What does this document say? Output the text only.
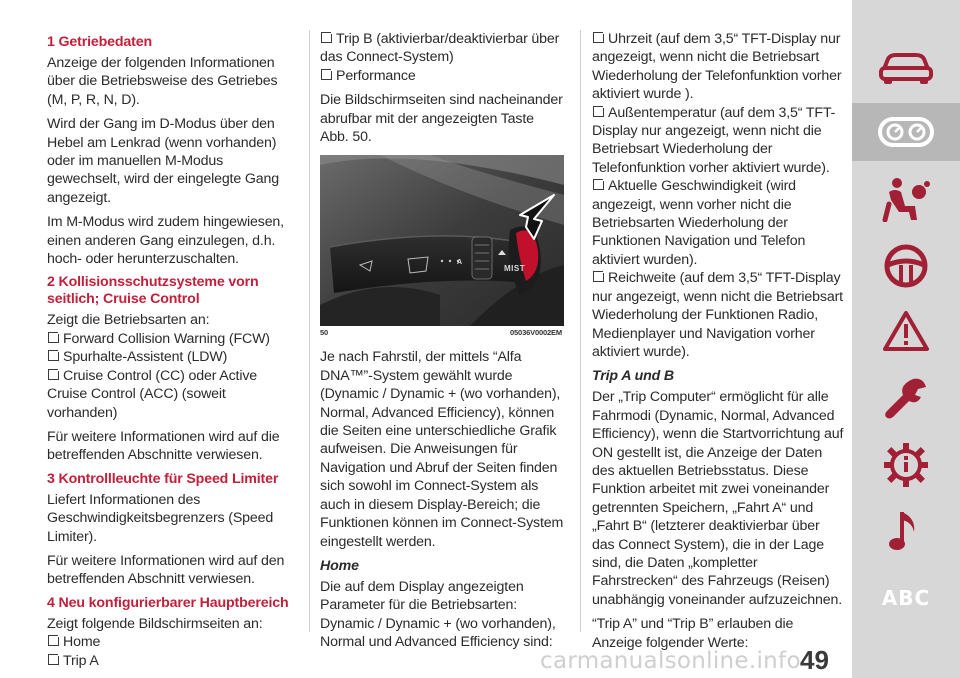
1 Getriebedaten

Anzeige der folgenden Informationen über die Betriebsweise des Getriebes (M, P, R, N, D).

Wird der Gang im D-Modus über den Hebel am Lenkrad (wenn vorhanden) oder im manuellen M-Modus gewechselt, wird der eingelegte Gang angezeigt.

Im M-Modus wird zudem hingewiesen, einen anderen Gang einzulegen, d.h. hoch- oder herunterzuschalten.

2 Kollisionsschutzsysteme vorn seitlich; Cruise Control
Zeigt die Betriebsarten an:
Forward Collision Warning (FCW)
Spurhalte-Assistent (LDW)
Cruise Control (CC) oder Active Cruise Control (ACC) (soweit vorhanden)

Für weitere Informationen wird auf die betreffenden Abschnitte verwiesen.

3 Kontrollleuchte für Speed Limiter

Liefert Informationen des Geschwindigkeitsbegrenzers (Speed Limiter).

Für weitere Informationen wird auf den betreffenden Abschnitt verwiesen.

4 Neu konfigurierbarer Hauptbereich
Zeigt folgende Bildschirmseiten an:
Home
Trip A
Trip B (aktivierbar/deaktivierbar über das Connect-System)
Performance

Die Bildschirmseiten sind nacheinander abrufbar mit der angezeigten Taste Abb. 50.

MIST
A
50	05036V0002EM

Je nach Fahrstil, der mittels “Alfa DNA™”-System gewählt wurde (Dynamic / Dynamic + (wo vorhanden), Normal, Advanced Efficiency), können die Seiten eine unterschiedliche Grafik aufweisen. Die Anweisungen für Navigation und Abruf der Seiten finden sich sowohl im Connect-System als auch in diesem Display-Bereich; die Funktionen können im Connect-System eingestellt werden.

Home

Die auf dem Display angezeigten Parameter für die Betriebsarten: Dynamic / Dynamic + (wo vorhanden), Normal und Advanced Efficiency sind:

Uhrzeit (auf dem 3,5“ TFT-Display nur angezeigt, wenn nicht die Betriebsart Wiederholung der Telefonfunktion vorher aktiviert wurde ).
Außentemperatur (auf dem 3,5“ TFT-Display nur angezeigt, wenn nicht die Betriebsart Wiederholung der Telefonfunktion vorher aktiviert wurde).
Aktuelle Geschwindigkeit (wird angezeigt, wenn vorher nicht die Betriebsarten Wiederholung der Funktionen Navigation und Telefon aktiviert wurden).
Reichweite (auf dem 3,5“ TFT-Display nur angezeigt, wenn nicht die Betriebsart Wiederholung der Funktionen Radio, Medienplayer und Navigation vorher aktiviert wurde).
Trip A und B

Der „Trip Computer“ ermöglicht für alle Fahrmodi (Dynamic, Normal, Advanced Efficiency), wenn die Startvorrichtung auf ON gestellt ist, die Anzeige der Daten des aktuellen Betriebsstatus. Diese Funktion arbeitet mit zwei voneinander getrennten Speichern, „Fahrt A“ und „Fahrt B“ (letzterer deaktivierbar über das Connect System), die in der Lage sind, die Daten „kompletter Fahrstrecken“ des Fahrzeugs (Reisen) unabhängig voneinander aufzuzeichnen.

“Trip A” und “Trip B” erlauben die Anzeige folgender Werte:

carmanualsonline.info 49
ABC
